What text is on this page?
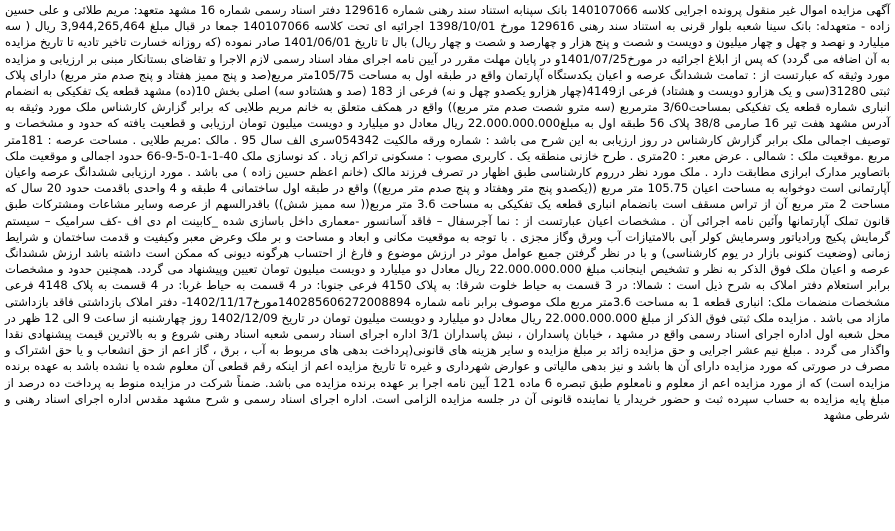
آگهی مزایده اموال غیر منقول پرونده اجرایی کلاسه 140107066 بانک سپنابه استناد سند رهنی شماره 129616 دفتر اسناد رسمی شماره 16 مشهد متعهد: مریم طلائی و علی حسین زاده - متعهدله: بانک سینا شعبه بلوار قرنی به استناد سند رهنی 129616 مورخ 1398/10/01 اجرائیه ای تحت کلاسه 140107066 جمعا در قبال مبلغ 3,944,265,464 ریال ( سه میلیارد و نهصد و چهل و چهار میلیون و دویست و شصت و پنج هزار و چهارصد و شصت و چهار ریال) بال تا تاریخ 1401/06/01 صادر نموده (که روزانه خسارت تاخیر تادیه تا تاریخ مزایده به آن اضافه می گردد) که پس از ابلاغ اجرائیه در مورخ1401/07/25و در پایان مهلت مقرر در آیین نامه اجرای مفاد اسناد رسمی لازم الاجرا و تقاضای بستانکار مبنی بر ارزیابی و مزایده مورد وثیقه که عبارتست از : تمامت ششدانگ عرصه و اعیان یکدستگاه آپارتمان واقع در طبقه اول به مساحت 105/75متر مربع(صد و پنج مميز هفتاد و پنج صدم متر مربع) دارای پلاک ثبتی 31280(سی و یک هزارو دویست و هشتاد) فرعی از4149(چهار هزارو یکصدو چهل و نه) فرعی از 183 (صد و هشتادو سه) اصلی بخش 10(ده) مشهد قطعه یک تفکیکی به انضمام انباری شماره قطعه یک تفکیکی بمساحت3/60 مترمربع (سه مترو شصت صدم متر مربع)) واقع در همکف متعلق به خانم مریم طلایی که برابر گزارش کارشناس ملک مورد وثیقه به آدرس مشهد هفت تیر 16 صارمی 38/8 پلاک 56 طبقه اول به مبلغ22.000.000.000 ریال معادل دو میلیارد و دویست میلیون تومان ارزیابی و قطعیت یافته که حدود و مشخصات و توصیف اجمالی ملک برابر گزارش کارشناس در روز ارزیابی به این شرح می باشد : شماره ورقه مالکیت 054342سری الف سال 95 . مالک :مریم طلایی . مساحت عرصه : 181متر مربع .موقعیت ملک : شمالی . عرض معبر : 20متری . طرح خازنی منطقه یک . کاربری مصوب : مسکونی تراکم زیاد . کد نوسازی ملک 40-1-1-0-5-9-66 حدود اجمالی و موقعیت ملک باتصاویر مدارک ابرازی مطابقت دارد . ملک مورد نظر درروم کارشناسی طبق اظهار در تصرف فرزند مالک (خانم اعظم حسین زاده ) می باشد . مورد ارزیابی ششدانگ عرصه واعیان آپارتمانی است دوخوابه به مساحت اعیان 105.75 متر مربع ((یکصدو پنج متر وهفتاد و پنج صدم متر مربع)) واقع در طبقه اول ساختمانی 4 طبقه و 4 واحدی باقدمت حدود 20 سال که مساحت 2 متر مربع آن از تراس مسقف است بانضمام انباری قطعه یک تفکیکی به مساحت 3.6 متر مربع(( سه مميز شش)) باقدرالسهم از عرصه وسایر مشاعات ومشترکات طبق قانون تملک آپارتمانها وآئین نامه اجرائی آن . مشخصات اعیان عبارتست از : نما آجرسفال – فاقد آسانسور -معماری داخل باسازی شده _کابینت ام دی اف -کف سرامیک – سیستم گرمایش پکیج ورادیاتور وسرمایش کولر آبی بالامتیازات آب وبرق وگاز مجزی . با توجه به موقعیت مکانی و ابعاد و مساحت و بر ملک وعرض معبر وکیفیت و قدمت ساختمان و شرایط زمانی (وضعیت کنونی بازار در یوم کارشناسی) و با در نظر گرفتن جمیع عوامل موثر در ارزش موضوع و فارغ از احتساب هرگونه دیونی که ممکن است داشته باشد ارزش ششدانگ عرصه و اعیان ملک فوق الذکر به نظر و تشخیص اینجانب مبلغ 22.000.000.000 ریال معادل دو میلیارد و دویست میلیون تومان تعیین وپیشنهاد می گردد. همچنین حدود و مشخصات برابر استعلام دفتر املاک به شرح ذیل است : شمالا: در 3 قسمت به حیاط خلوت شرقا: به پلاک 4150 فرعی جنوبا: در 4 قسمت به حیاط غربا: در 4 قسمت به پلاک 4148 فرعی مشخصات منضمات ملک: انباری قطعه 1 به مساحت 3.6متر مربع ملک موصوف برابر نامه شماره 140285606272008894مورخ1402/11/17- دفتر املاک بازداشتی فاقد بازداشتی مازاد می باشد . مزایده ملک ثبتی فوق الذکر از مبلغ 22.000.000.000 ریال معادل دو میلیارد و دویست میلیون تومان در تاریخ 1402/12/09 روز چهارشنبه از ساعت 9 الی 12 ظهر در محل شعبه اول اداره اجرای اسناد رسمی واقع در مشهد ، خیابان پاسداران ، نبش پاسداران 3/1 اداره اجرای اسناد رسمی شعبه اسناد رهنی شروع و به بالاترین قیمت پیشنهادی نقدا واگذار می گردد . مبلغ نیم عشر اجرایی و حق مزایده زائد بر مبلغ مزایده و سایر هزینه های قانونی(پرداخت بدهی های مربوط به آب ، برق ، گاز اعم از حق انشعاب و یا حق اشتراک و مصرف در صورتی که مورد مزایده دارای آن ها باشد و نیز بدهی مالیاتی و عوارض شهرداری و غیره تا تاریخ مزایده اعم از اینکه رقم قطعی آن معلوم شده یا نشده باشد به عهده برنده مزایده است) که از مورد مزایده اعم از معلوم و نامعلوم طبق تبصره 6 ماده 121 آیین نامه اجرا بر عهده برنده مزایده می باشد. ضمناً شرکت در مزایده منوط به پرداخت ده درصد از مبلغ پایه مزایده به حساب سپرده ثبت و حضور خریدار یا نماینده قانونی آن در جلسه مزایده الزامی است. اداره اجرای اسناد رسمی و شرح مشهد مقدس اداره اجرای اسناد رهنی و شرطی مشهد
